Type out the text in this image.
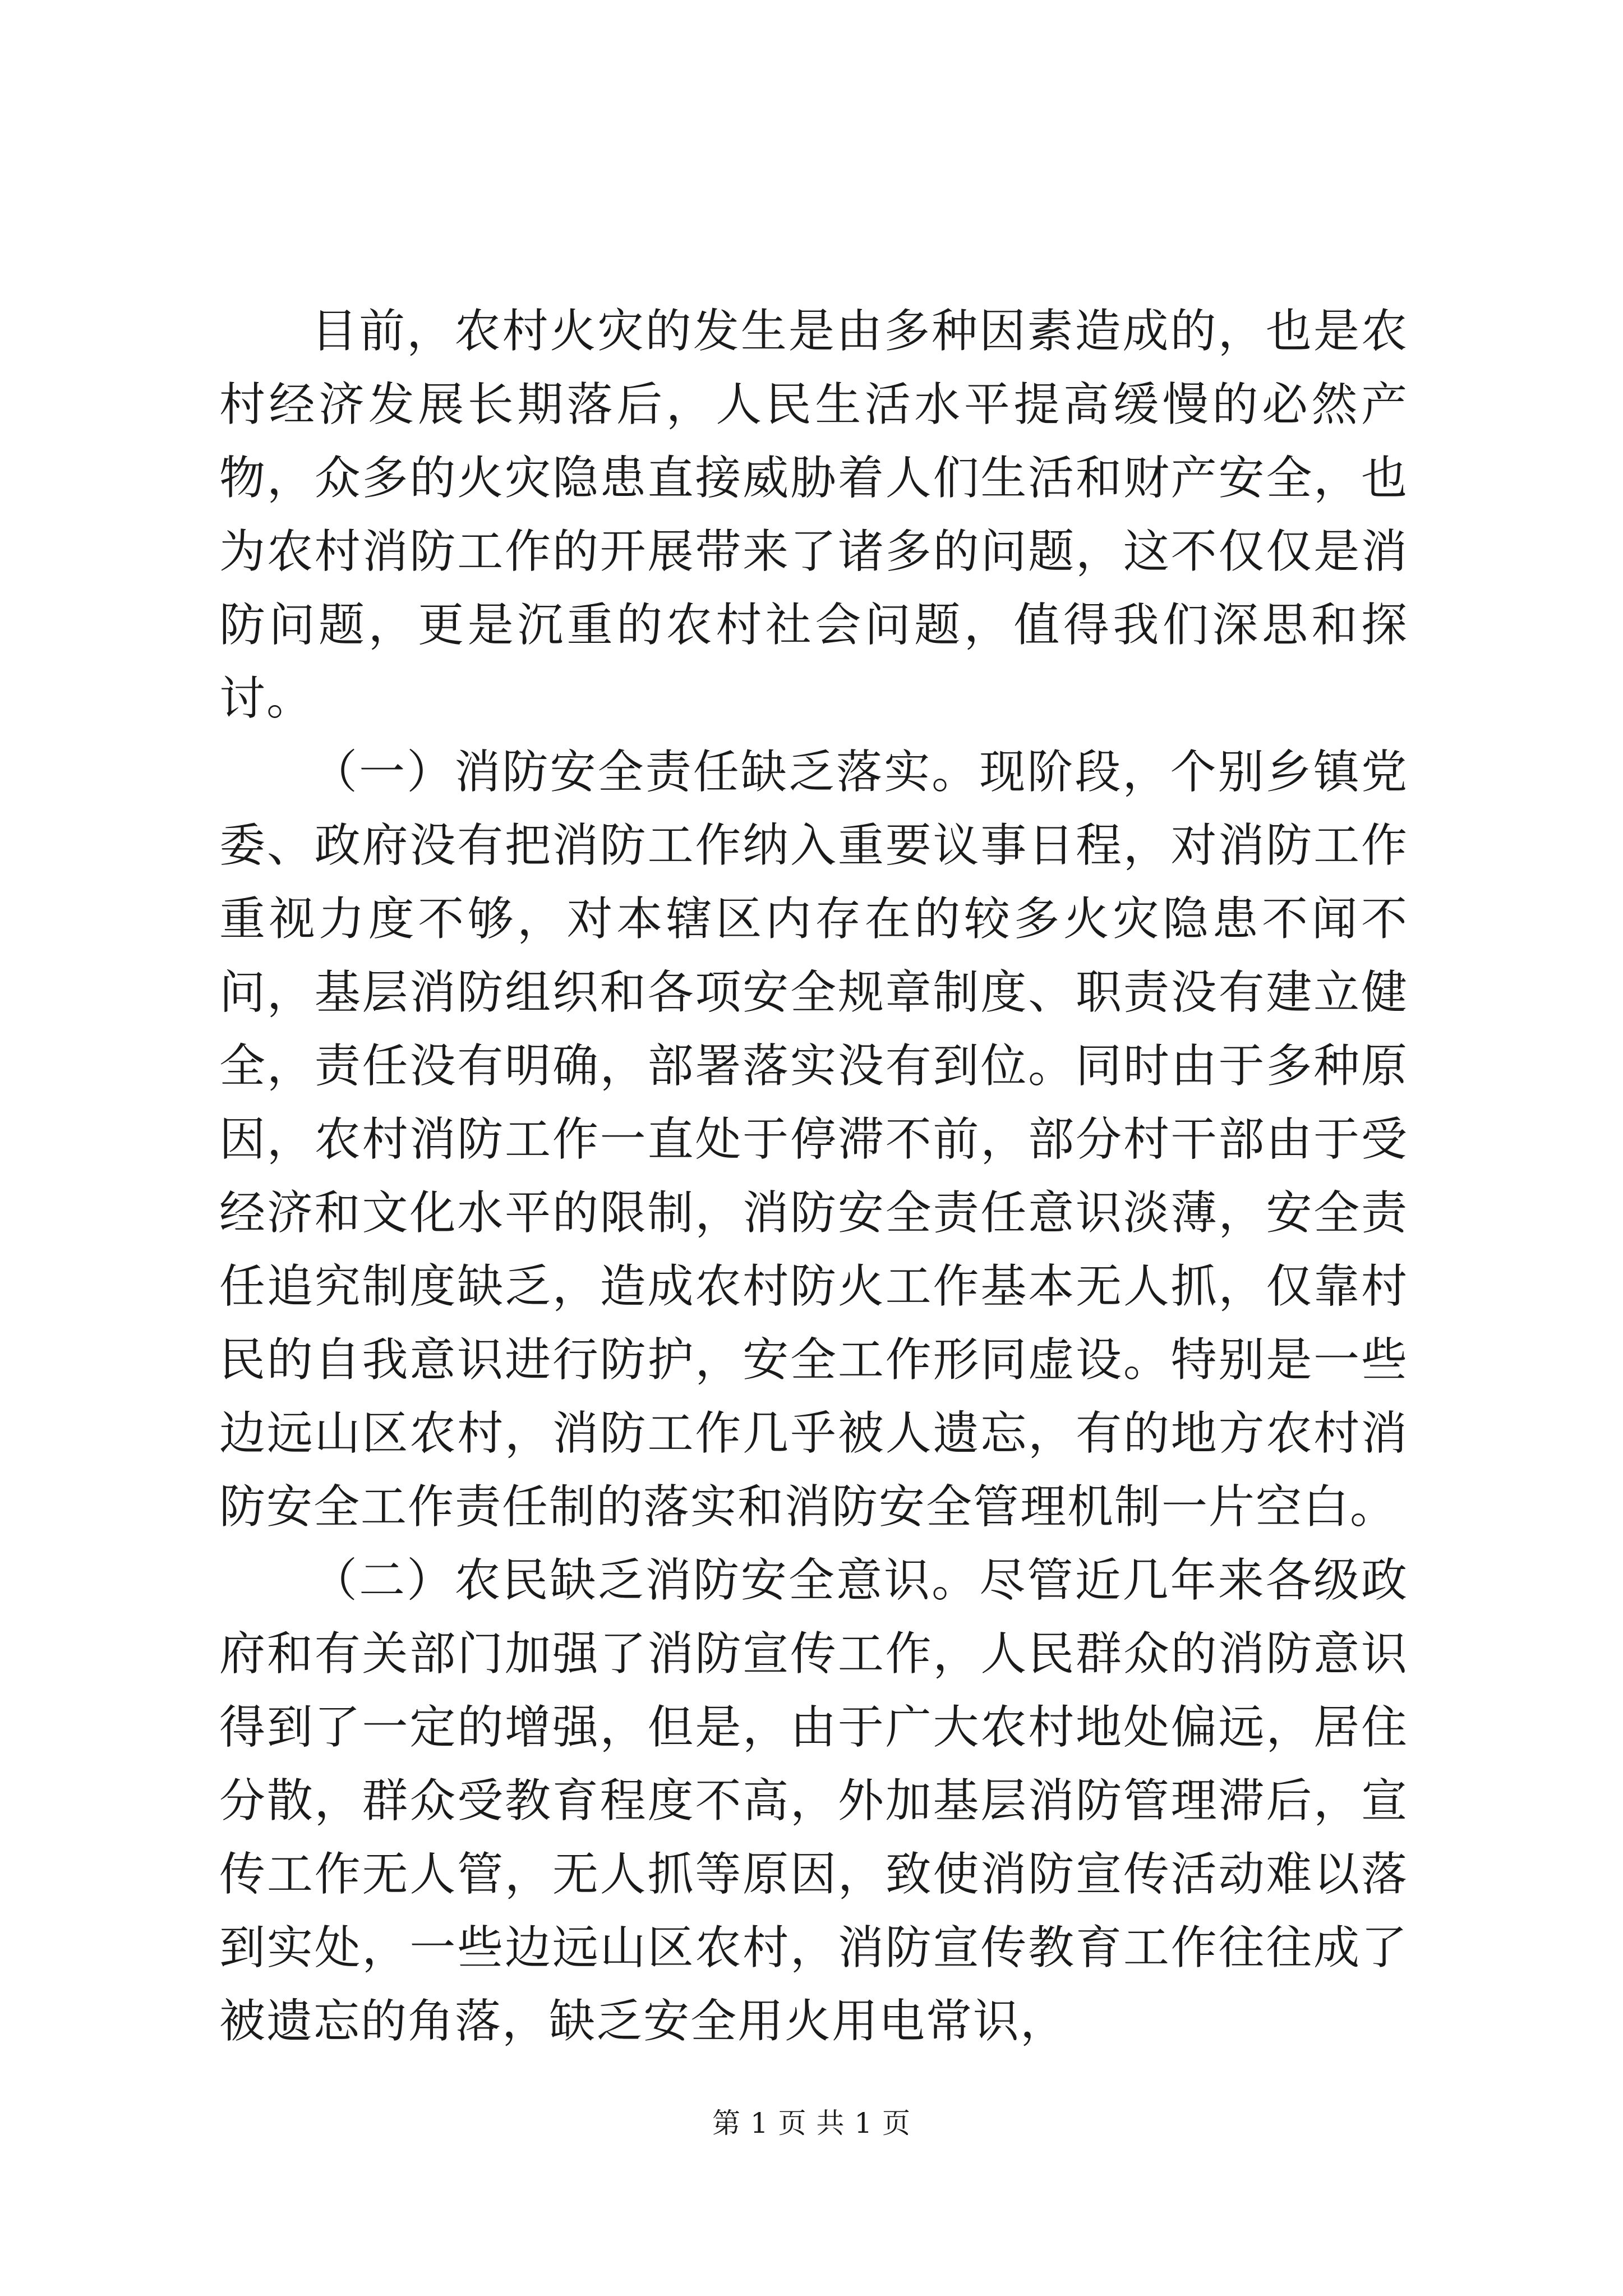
目前，农村火灾的发生是由多种因素造成的，也是农村经济发展长期落后，人民生活水平提高缓慢的必然产物，众多的火灾隐患直接威胁着人们生活和财产安全，也为农村消防工作的开展带来了诸多的问题，这不仅仅是消防问题，更是沉重的农村社会问题，值得我们深思和探讨。

（一）消防安全责任缺乏落实。现阶段，个别乡镇党委、政府没有把消防工作纳入重要议事日程，对消防工作重视力度不够，对本辖区内存在的较多火灾隐患不闻不问，基层消防组织和各项安全规章制度、职责没有建立健全，责任没有明确，部署落实没有到位。同时由于多种原因，农村消防工作一直处于停滞不前，部分村干部由于受经济和文化水平的限制，消防安全责任意识淡薄，安全责任追究制度缺乏，造成农村防火工作基本无人抓，仅靠村民的自我意识进行防护，安全工作形同虚设。特别是一些边远山区农村，消防工作几乎被人遗忘，有的地方农村消防安全工作责任制的落实和消防安全管理机制一片空白。

（二）农民缺乏消防安全意识。尽管近几年来各级政府和有关部门加强了消防宣传工作，人民群众的消防意识得到了一定的增强，但是，由于广大农村地处偏远，居住分散，群众受教育程度不高，外加基层消防管理滞后，宣传工作无人管，无人抓等原因，致使消防宣传活动难以落到实处，一些边远山区农村，消防宣传教育工作往往成了被遗忘的角落，缺乏安全用火用电常识，

第 1 页 共 1 页
